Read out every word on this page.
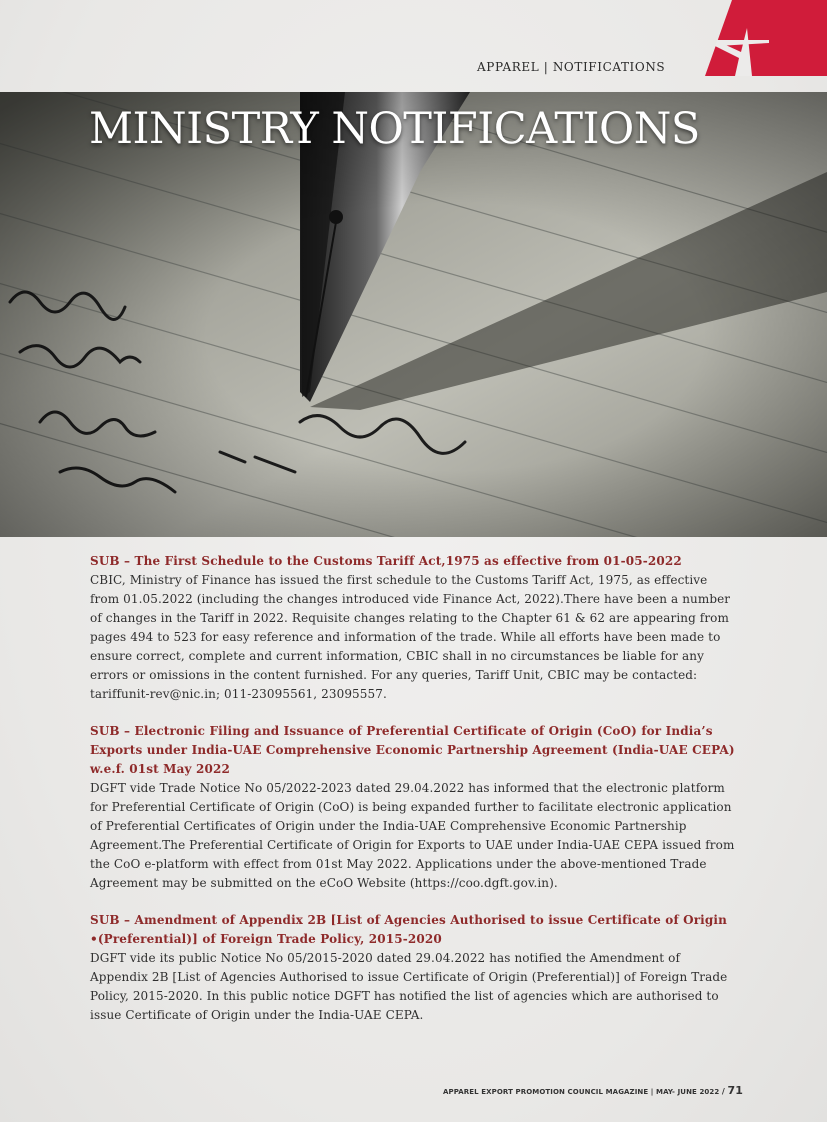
APPAREL | NOTIFICATIONS
MINISTRY NOTIFICATIONS
SUB – The First Schedule to the Customs Tariff Act,1975 as effective from 01-05-2022

CBIC, Ministry of Finance has issued the first schedule to the Customs Tariff Act, 1975, as effective from 01.05.2022 (including the changes introduced vide Finance Act, 2022).There have been a number of changes in the Tariff in 2022. Requisite changes relating to the Chapter 61 & 62 are appearing from pages 494 to 523 for easy reference and information of the trade. While all efforts have been made to ensure correct, complete and current information, CBIC shall in no circumstances be liable for any errors or omissions in the content furnished. For any queries, Tariff Unit, CBIC may be contacted: tariffunit-rev@nic.in; 011-23095561, 23095557.

SUB – Electronic Filing and Issuance of Preferential Certificate of Origin (CoO) for India’s Exports under India-UAE Comprehensive Economic Partnership Agreement (India-UAE CEPA) w.e.f. 01st May 2022

DGFT vide Trade Notice No 05/2022-2023 dated 29.04.2022 has informed that the electronic platform for Preferential Certificate of Origin (CoO) is being expanded further to facilitate electronic application of Preferential Certificates of Origin under the India-UAE Comprehensive Economic Partnership Agreement.The Preferential Certificate of Origin for Exports to UAE under India-UAE CEPA issued from the CoO e-platform with effect from 01st May 2022. Applications under the above-mentioned Trade Agreement may be submitted on the eCoO Website (https://coo.dgft.gov.in).

SUB – Amendment of Appendix 2B [List of Agencies Authorised to issue Certificate of Origin •(Preferential)] of Foreign Trade Policy, 2015-2020

DGFT vide its public Notice No 05/2015-2020 dated 29.04.2022 has notified the Amendment of Appendix 2B [List of Agencies Authorised to issue Certificate of Origin (Preferential)] of Foreign Trade Policy, 2015-2020. In this public notice DGFT has notified the list of agencies which are authorised to issue Certificate of Origin under the India-UAE CEPA.

APPAREL EXPORT PROMOTION COUNCIL MAGAZINE | MAY- JUNE 2022 / 71
